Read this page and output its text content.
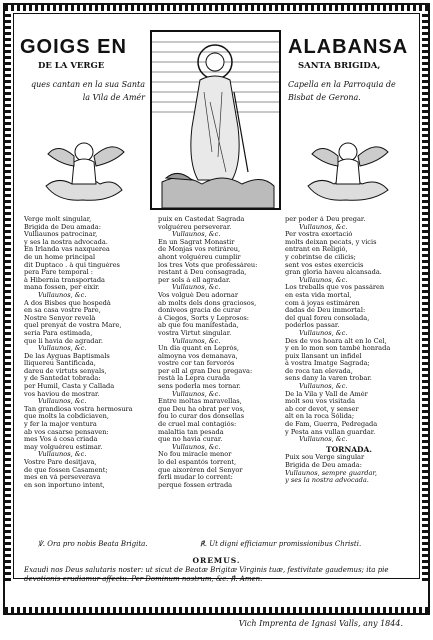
GOIGS EN	ALABANSA
DE LA VERGE	SANTA BRIGIDA,
ques cantan en la sua Santa
la Vila de Amér
Capella en la Parroquia de
Bisbat de Gerona.
Verge molt singular,
Brigida de Deu amada:
Vulliaunos patrocinar,
y ses la nostra advocada.
En Irlanda vas naxquerea
de un home principal
dit Duptaco . à qui tinguéres
pera Pare temporal :
à Hibernia transportada
mana fossen, per eixir.
Vullaunos, &c.
A dos Bisbes que hospedà
en sa casa vostre Pare,
Nostre Senyor revelà
quel prenyat de vostra Mare,
seria Para estimada,
que li havia de agradar.
Vullaunos, &c.
De las Ayguas Baptismals
lliquereu Santificada,
dareu de virtuts senyals,
y de Santedat tobrada:
per Humil, Casta y Callada
vos haviou de mostrar.
Vullaunos, &c.
Tan grandiosa vostra hermosura
que molts la cobdiciaven,
y fer la major ventura
ab vos casarse pensaven:
mes Vos á cosa criada
may volguéreu estimar.
Vullaunos, &c.
Vostre Pare desitjava,
de que fossen Casament;
mes en vá perseverava
en son inportuno intent,
puix en Castedat Sagrada
volguéreu perseverar.
Vullaunos, &c.
En un Sagrat Monastir
de Monjas vos retiráreu,
ahont volguéreu cumplir
los tres Vots que professáreu:
restant á Deu consagrada,
per sols á ell agradar.
Vullaunos, &c.
Vos volguè Deu adornar
ab molts dels dons graciosos,
doniveos gracia de curar
á Ciegos, Sorts y Leprosos:
ab que fou manifestada,
vostra Virtut singular.
Vullaunos, &c.
Un dia quant en Leprós,
almoyna vos demanava,
vostre cor tan fervorós
per ell al gran Deu pregava:
restà la Lepra curada
sens poderla mes tornar.
Vullaunos, &c.
Entre moltas maravellas,
que Deu ha obrat per vos,
fou lo curar dos donsellas
de cruel mal contagiós:
malaltia tan pesada
que no havia curar.
Vullaunos, &c.
No fou miracle menor
lo del espantós torrent,
que aixoréren del Senyor
ferlì mudar lo corrent:
perque fossen ertrada
per poder á Deu pregar.
Vullaunos, &c.
Per vostra exortació
molts deixan pecats, y vicis
entrant en Religió,
y cobrintse de cilicis;
sent vos estes exercicis
gran gloria haveu alcansada.
Vullaunos, &c.
Los treballs que vos passáren
en esta vida mortal,
com á joyas estimáren
dadas de Deu immortal:
del qual foreu consolada,
poderlos passar.
Vullaunos, &c.
Des de vos hoara alt en lo Cel,
y en lo mon son també honrada
puix llansant un infidel
á vostra Imatge Sagrada;
de roca tan elevada,
sens dany la varen trobar.
Vullaunos, &c.
De la Vila y Vall de Amér
molt sou vos visitada
ab cor devot, y senser
alt en la roca Sólida;
de Fam, Guerra, Pedregada
y Pesta ans vullan guardar.
Vullaunos, &c.
TORNADA.
Puix sou Verge singular
Brigida de Deu amada:
Vullaunos, sempre guardar,
y ses la nostra advocada.
℣. Ora pro nobis Beata Brigita.	℟. Ut digni efficiamur promissionibus Christi.
OREMUS.
Exaudi nos Deus salutaris noster: ut sicut de Beatæ Brigitæ Virginis tuæ, festivitate gaudemus; ita pie devotionis erudiamur affectu. Per Dominum nostrum, &c. ℟. Amen.
Vich Imprenta de Ignasi Valls, any 1844.
